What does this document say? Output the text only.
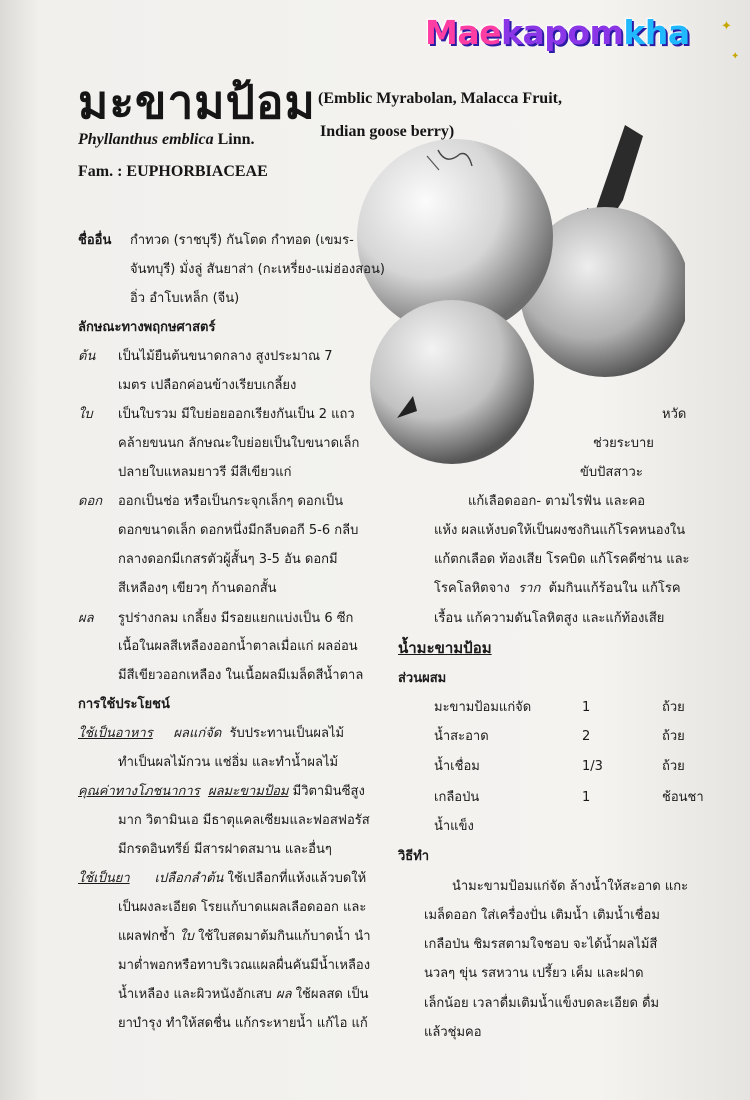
Maekapomkha ✦
✦
มะขามป้อม (Emblic Myrabolan, Malacca Fruit,
Indian goose berry)
Phyllanthus emblica Linn.
Fam. : EUPHORBIACEAE
ชื่ออื่น กำทวด (ราชบุรี) กันโตด กำทอด (เขมร-
จันทบุรี) มั่งลู่ สันยาส่า (กะเหรี่ยง-แม่ฮ่องสอน)
อิ่ว อำโบเหล็ก (จีน)
ลักษณะทางพฤกษศาสตร์
ต้น เป็นไม้ยืนต้นขนาดกลาง สูงประมาณ 7
เมตร เปลือกค่อนข้างเรียบเกลี้ยง
ใบ เป็นใบรวม มีใบย่อยออกเรียงกันเป็น 2 แถว
คล้ายขนนก ลักษณะใบย่อยเป็นใบขนาดเล็ก
ปลายใบแหลมยาวรี มีสีเขียวแก่
ดอก ออกเป็นช่อ หรือเป็นกระจุกเล็กๆ ดอกเป็น
ดอกขนาดเล็ก ดอกหนึ่งมีกลีบดอกี 5-6 กลีบ
กลางดอกมีเกสรตัวผู้สั้นๆ 3-5 อัน ดอกมี
สีเหลืองๆ เขียวๆ ก้านดอกสั้น
ผล รูปร่างกลม เกลี้ยง มีรอยแยกแบ่งเป็น 6 ซีก
เนื้อในผลสีเหลืองออกน้ำตาลเมื่อแก่ ผลอ่อน
มีสีเขียวออกเหลือง ในเนื้อผลมีเมล็ดสีน้ำตาล
การใช้ประโยชน์
ใช้เป็นอาหาร ผลแก่จัด รับประทานเป็นผลไม้
ทำเป็นผลไม้กวน แช่อิ่ม และทำน้ำผลไม้
คุณค่าทางโภชนาการ ผลมะขามป้อม มีวิตามินซีสูง
มาก วิตามินเอ มีธาตุแคลเซียมและฟอสฟอรัส
มีกรดอินทรีย์ มีสารฝาดสมาน และอื่นๆ
ใช้เป็นยา เปลือกลำต้น ใช้เปลือกที่แห้งแล้วบดให้
เป็นผงละเอียด โรยแก้บาดแผลเลือดออก และ
แผลฟกช้ำ ใบ ใช้ใบสดมาต้มกินแก้บาดน้ำ นำ
มาต่ำพอกหรือทาบริเวณแผลผื่นคันมีน้ำเหลือง
น้ำเหลือง และผิวหนังอักเสบ ผล ใช้ผลสด เป็น
ยาบำรุง ทำให้สดชื่น แก้กระหายน้ำ แก้ไอ แก้
หวัด
ช่วยระบาย
ขับปัสสาวะ
แก้เลือดออก- ตามไรฟัน และคอ
แห้ง ผลแห้งบดให้เป็นผงชงกินแก้โรคหนองใน
แก้ตกเลือด ท้องเสีย โรคบิด แก้โรคดีซ่าน และ
โรคโลหิตจาง ราก ต้มกินแก้ร้อนใน แก้โรค
เรื้อน แก้ความดันโลหิตสูง และแก้ท้องเสีย
น้ำมะขามป้อม
ส่วนผสม
มะขามป้อมแก่จัด	1	ถ้วย
น้ำสะอาด	2	ถ้วย
น้ำเชื่อม	1/3	ถ้วย
เกลือป่น	1	ช้อนชา
น้ำแข็ง
วิธีทำ
นำมะขามป้อมแก่จัด ล้างน้ำให้สะอาด แกะ
เมล็ดออก ใส่เครื่องปั่น เติมน้ำ เติมน้ำเชื่อม
เกลือป่น ชิมรสตามใจชอบ จะได้น้ำผลไม้สี
นวลๆ ขุ่น รสหวาน เปรี้ยว เค็ม และฝาด
เล็กน้อย เวลาดื่มเติมน้ำแข็งบดละเอียด ดื่ม
แล้วชุ่มคอ
